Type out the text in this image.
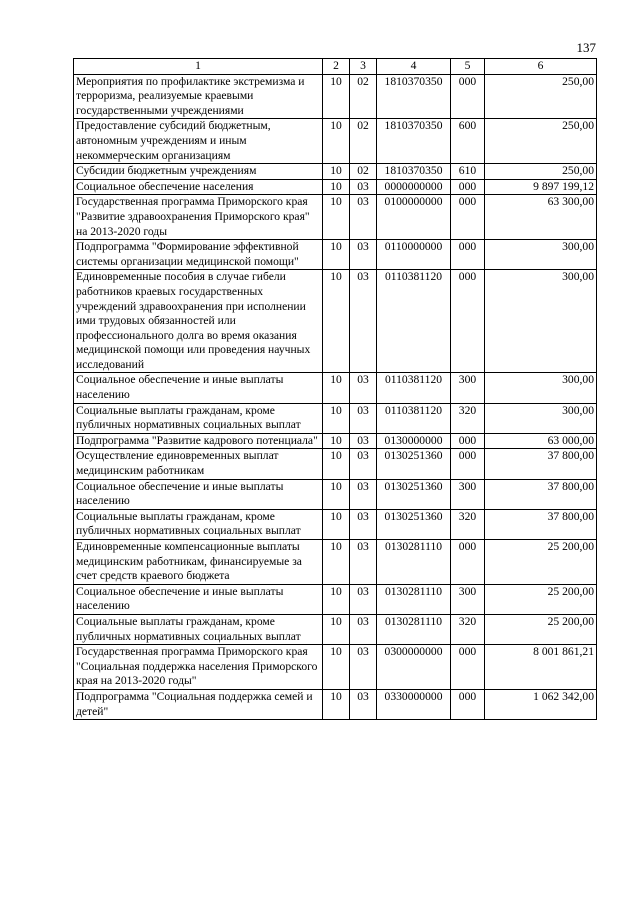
137
1	2	3	4	5	6
Мероприятия по профилактике экстремизма и терроризма, реализуемые краевыми государственными учреждениями	10	02	1810370350	000	250,00
Предоставление субсидий бюджетным, автономным учреждениям и иным некоммерческим организациям	10	02	1810370350	600	250,00
Субсидии бюджетным учреждениям	10	02	1810370350	610	250,00
Социальное обеспечение населения	10	03	0000000000	000	9 897 199,12
Государственная программа Приморского края "Развитие здравоохранения Приморского края" на 2013-2020 годы	10	03	0100000000	000	63 300,00
Подпрограмма "Формирование эффективной системы организации медицинской помощи"	10	03	0110000000	000	300,00
Единовременные пособия в случае гибели работников краевых государственных учреждений здравоохранения при исполнении ими трудовых обязанностей или профессионального долга во время оказания медицинской помощи или проведения научных исследований	10	03	0110381120	000	300,00
Социальное обеспечение и иные выплаты населению	10	03	0110381120	300	300,00
Социальные выплаты гражданам, кроме публичных нормативных социальных выплат	10	03	0110381120	320	300,00
Подпрограмма "Развитие кадрового потенциала"	10	03	0130000000	000	63 000,00
Осуществление единовременных выплат медицинским работникам	10	03	0130251360	000	37 800,00
Социальное обеспечение и иные выплаты населению	10	03	0130251360	300	37 800,00
Социальные выплаты гражданам, кроме публичных нормативных социальных выплат	10	03	0130251360	320	37 800,00
Единовременные компенсационные выплаты медицинским работникам, финансируемые за счет средств краевого бюджета	10	03	0130281110	000	25 200,00
Социальное обеспечение и иные выплаты населению	10	03	0130281110	300	25 200,00
Социальные выплаты гражданам, кроме публичных нормативных социальных выплат	10	03	0130281110	320	25 200,00
Государственная программа Приморского края "Социальная поддержка населения Приморского края на 2013-2020 годы"	10	03	0300000000	000	8 001 861,21
Подпрограмма "Социальная поддержка семей и детей"	10	03	0330000000	000	1 062 342,00
